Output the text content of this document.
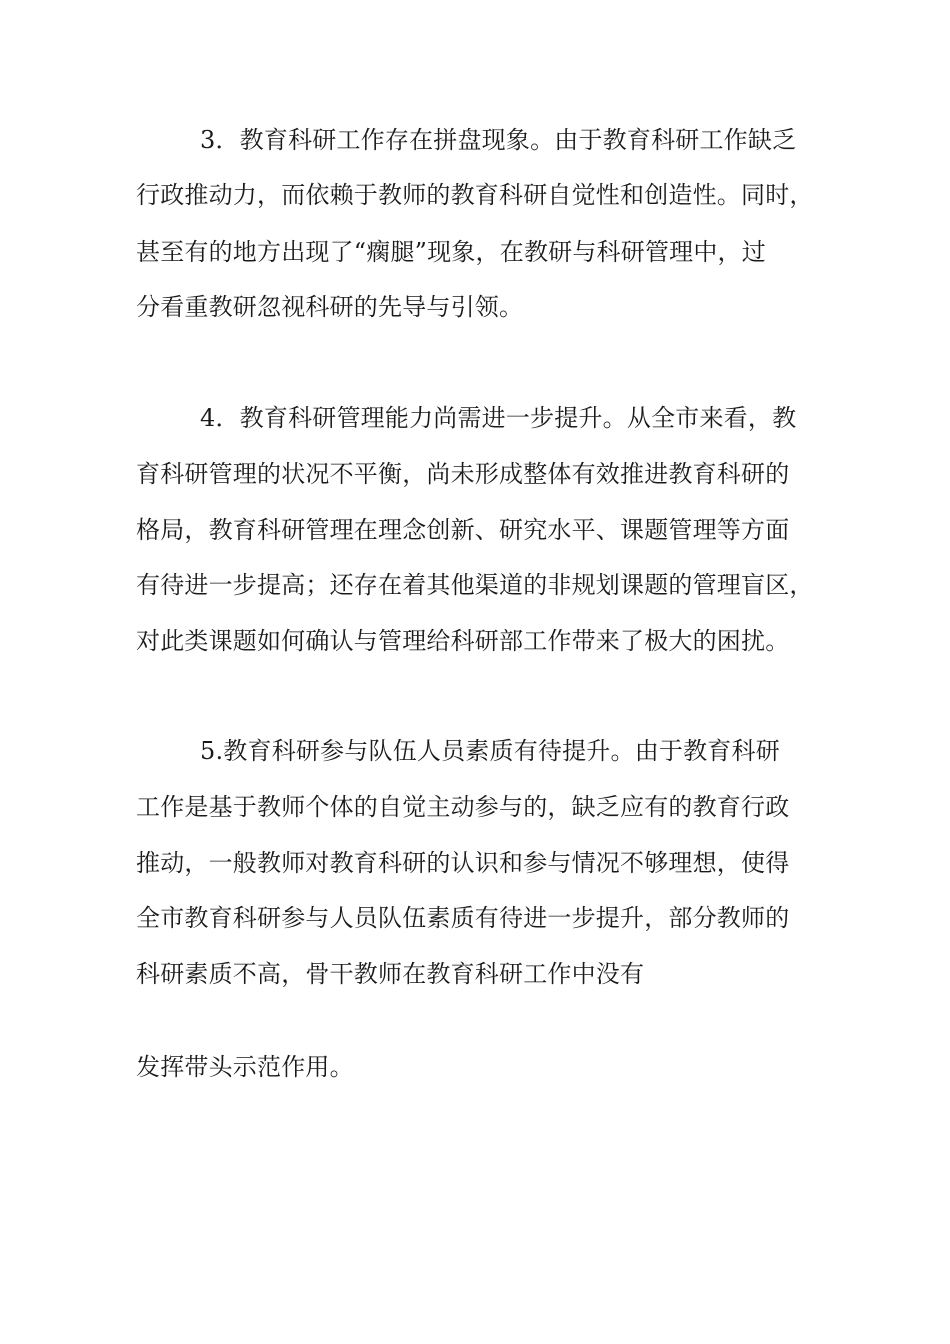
3．教育科研工作存在拼盘现象。由于教育科研工作缺乏
行政推动力，而依赖于教师的教育科研自觉性和创造性。同时，
甚至有的地方出现了“瘸腿”现象，在教研与科研管理中，过
分看重教研忽视科研的先导与引领。
4．教育科研管理能力尚需进一步提升。从全市来看，教
育科研管理的状况不平衡，尚未形成整体有效推进教育科研的
格局，教育科研管理在理念创新、研究水平、课题管理等方面
有待进一步提高；还存在着其他渠道的非规划课题的管理盲区，
对此类课题如何确认与管理给科研部工作带来了极大的困扰。
5.教育科研参与队伍人员素质有待提升。由于教育科研
工作是基于教师个体的自觉主动参与的，缺乏应有的教育行政
推动，一般教师对教育科研的认识和参与情况不够理想，使得
全市教育科研参与人员队伍素质有待进一步提升，部分教师的
科研素质不高，骨干教师在教育科研工作中没有
发挥带头示范作用。
